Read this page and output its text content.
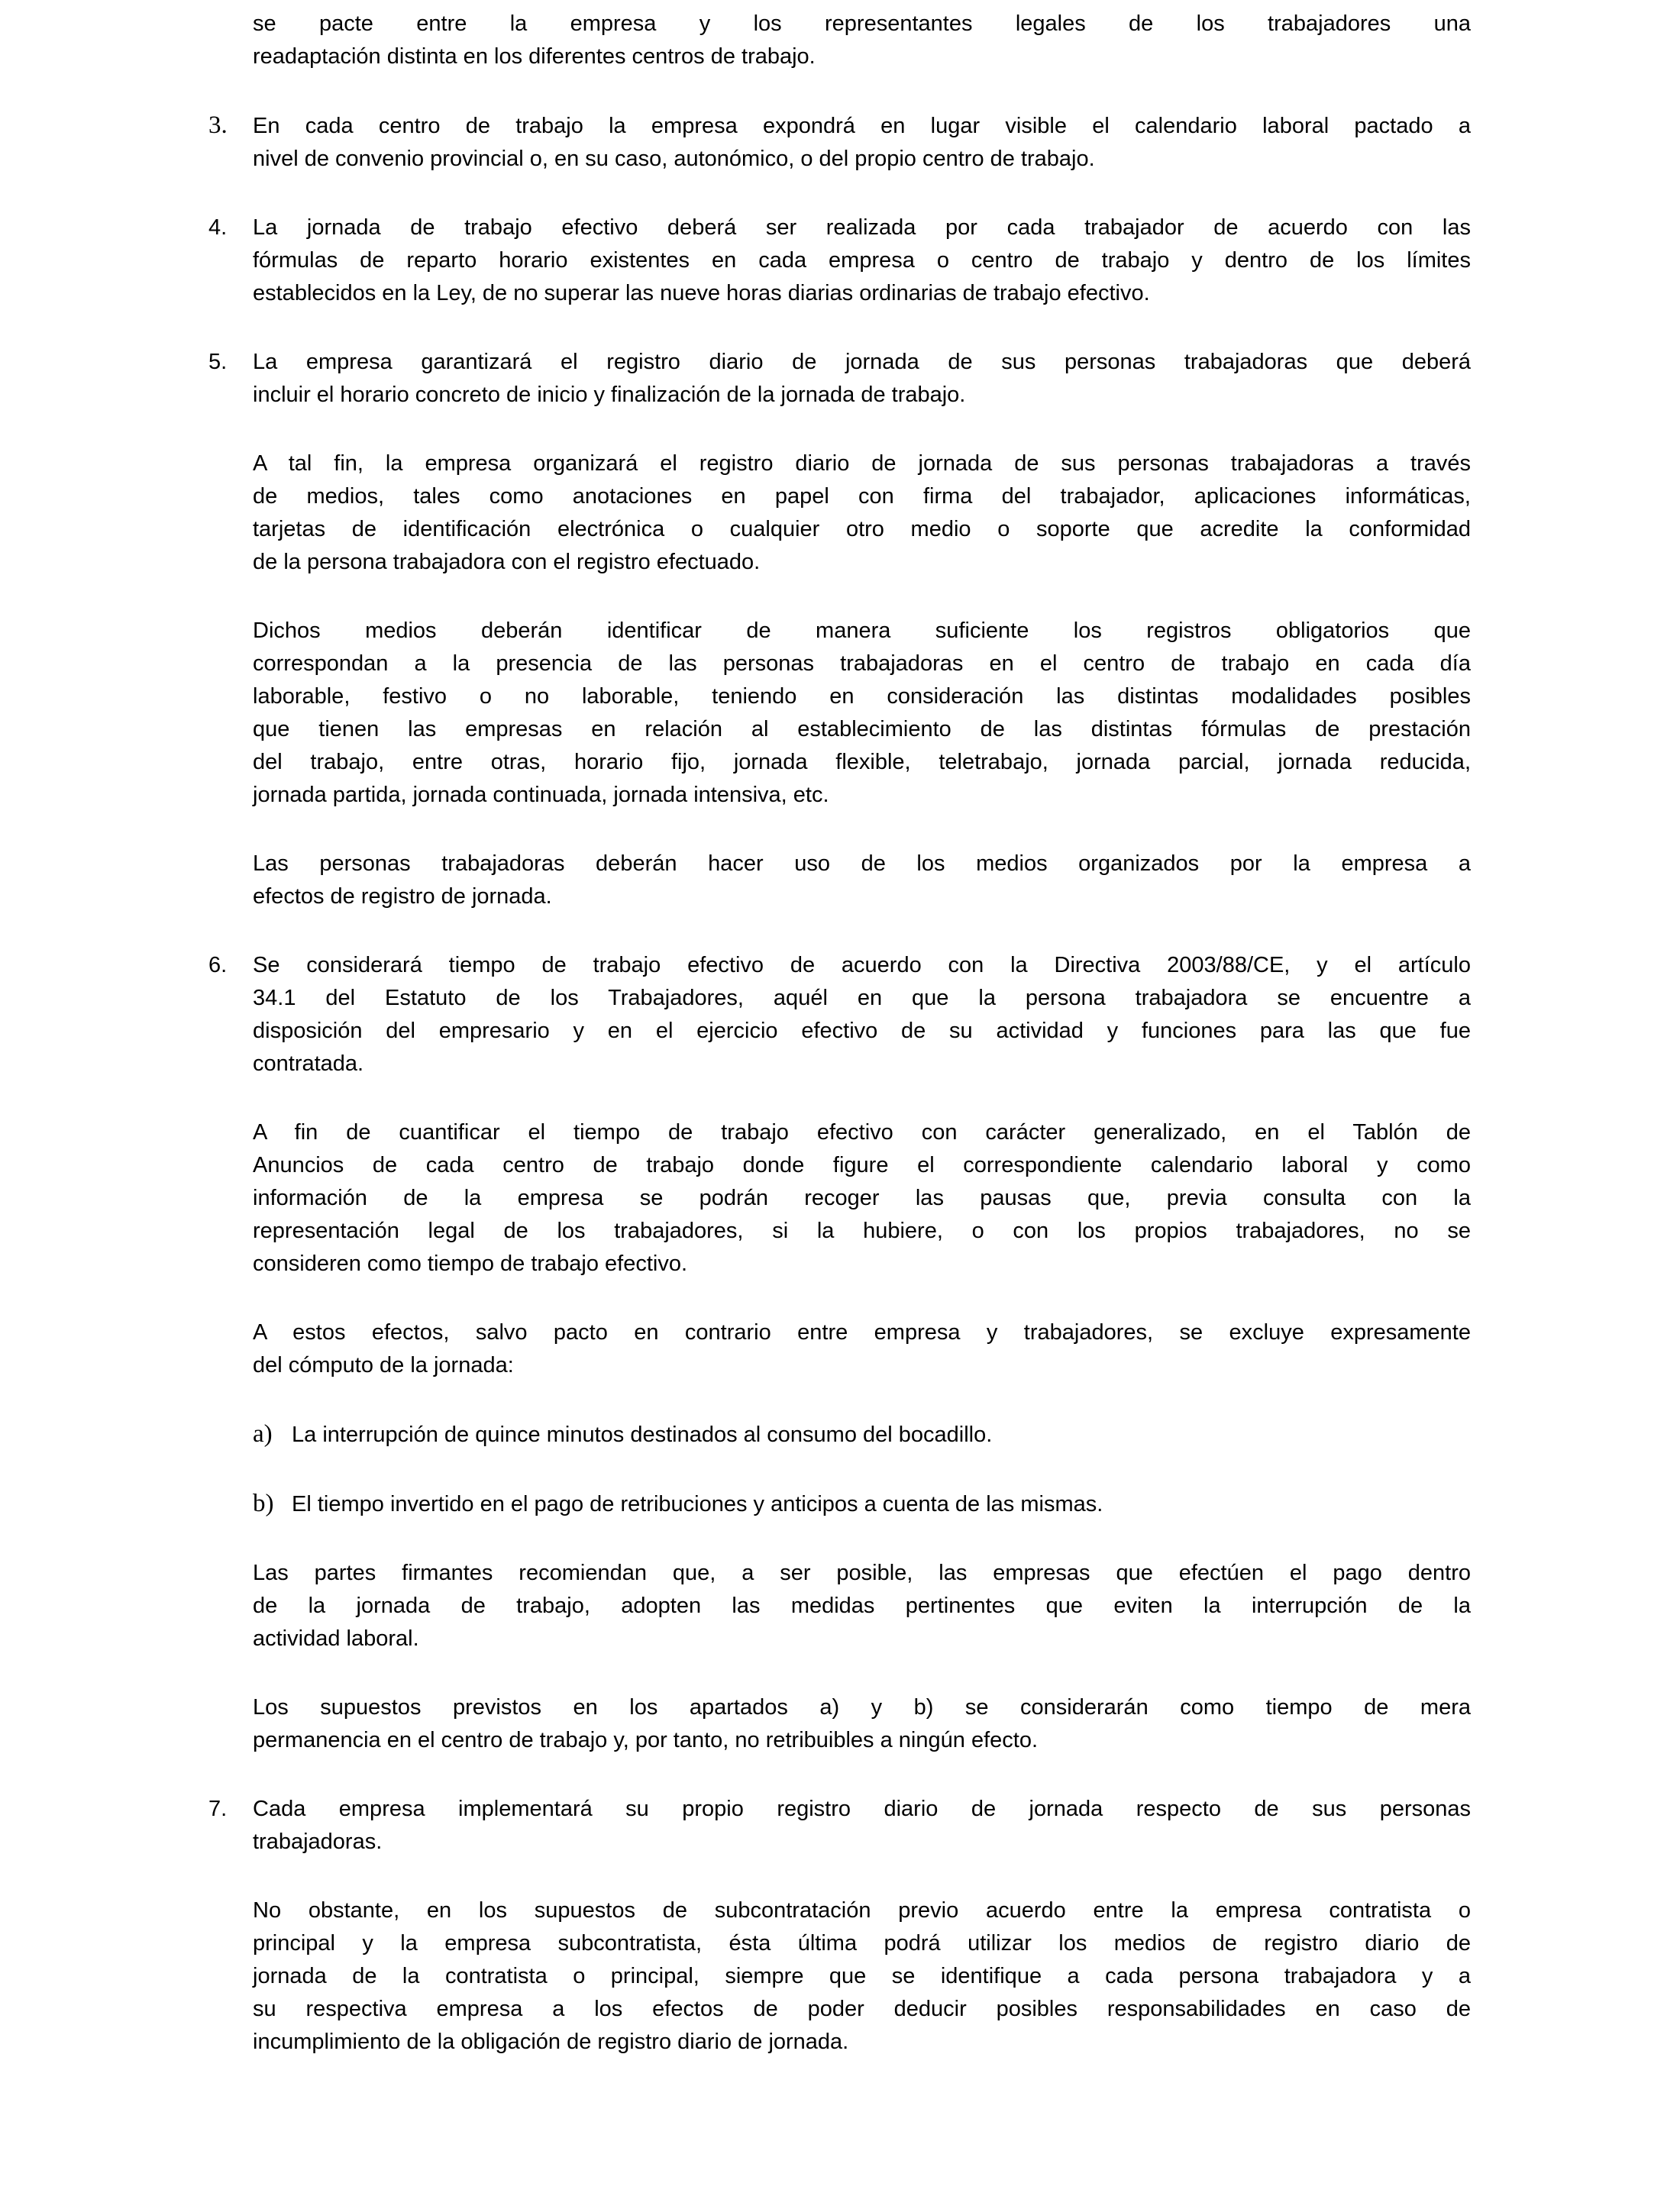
se pacte entre la empresa y los representantes legales de los trabajadores una
readaptación distinta en los diferentes centros de trabajo.
3.	En cada centro de trabajo la empresa expondrá en lugar visible el calendario laboral pactado a
nivel de convenio provincial o, en su caso, autonómico, o del propio centro de trabajo.
4.	La jornada de trabajo efectivo deberá ser realizada por cada trabajador de acuerdo con las
fórmulas de reparto horario existentes en cada empresa o centro de trabajo y dentro de los límites
establecidos en la Ley, de no superar las nueve horas diarias ordinarias de trabajo efectivo.
5.	La empresa garantizará el registro diario de jornada de sus personas trabajadoras que deberá
incluir el horario concreto de inicio y finalización de la jornada de trabajo.
A tal fin, la empresa organizará el registro diario de jornada de sus personas trabajadoras a través
de medios, tales como anotaciones en papel con firma del trabajador, aplicaciones informáticas,
tarjetas de identificación electrónica o cualquier otro medio o soporte que acredite la conformidad
de la persona trabajadora con el registro efectuado.
Dichos medios deberán identificar de manera suficiente los registros obligatorios que
correspondan a la presencia de las personas trabajadoras en el centro de trabajo en cada día
laborable, festivo o no laborable, teniendo en consideración las distintas modalidades posibles
que tienen las empresas en relación al establecimiento de las distintas fórmulas de prestación
del trabajo, entre otras, horario fijo, jornada flexible, teletrabajo, jornada parcial, jornada reducida,
jornada partida, jornada continuada, jornada intensiva, etc.
Las personas trabajadoras deberán hacer uso de los medios organizados por la empresa a
efectos de registro de jornada.
6.	Se considerará tiempo de trabajo efectivo de acuerdo con la Directiva 2003/88/CE, y el artículo
34.1 del Estatuto de los Trabajadores, aquél en que la persona trabajadora se encuentre a
disposición del empresario y en el ejercicio efectivo de su actividad y funciones para las que fue
contratada.
A fin de cuantificar el tiempo de trabajo efectivo con carácter generalizado, en el Tablón de
Anuncios de cada centro de trabajo donde figure el correspondiente calendario laboral y como
información de la empresa se podrán recoger las pausas que, previa consulta con la
representación legal de los trabajadores, si la hubiere, o con los propios trabajadores, no se
consideren como tiempo de trabajo efectivo.
A estos efectos, salvo pacto en contrario entre empresa y trabajadores, se excluye expresamente
del cómputo de la jornada:
a) La interrupción de quince minutos destinados al consumo del bocadillo.
b) El tiempo invertido en el pago de retribuciones y anticipos a cuenta de las mismas.
Las partes firmantes recomiendan que, a ser posible, las empresas que efectúen el pago dentro
de la jornada de trabajo, adopten las medidas pertinentes que eviten la interrupción de la
actividad laboral.
Los supuestos previstos en los apartados a) y b) se considerarán como tiempo de mera
permanencia en el centro de trabajo y, por tanto, no retribuibles a ningún efecto.
7.	Cada empresa implementará su propio registro diario de jornada respecto de sus personas
trabajadoras.
No obstante, en los supuestos de subcontratación previo acuerdo entre la empresa contratista o
principal y la empresa subcontratista, ésta última podrá utilizar los medios de registro diario de
jornada de la contratista o principal, siempre que se identifique a cada persona trabajadora y a
su respectiva empresa a los efectos de poder deducir posibles responsabilidades en caso de
incumplimiento de la obligación de registro diario de jornada.
